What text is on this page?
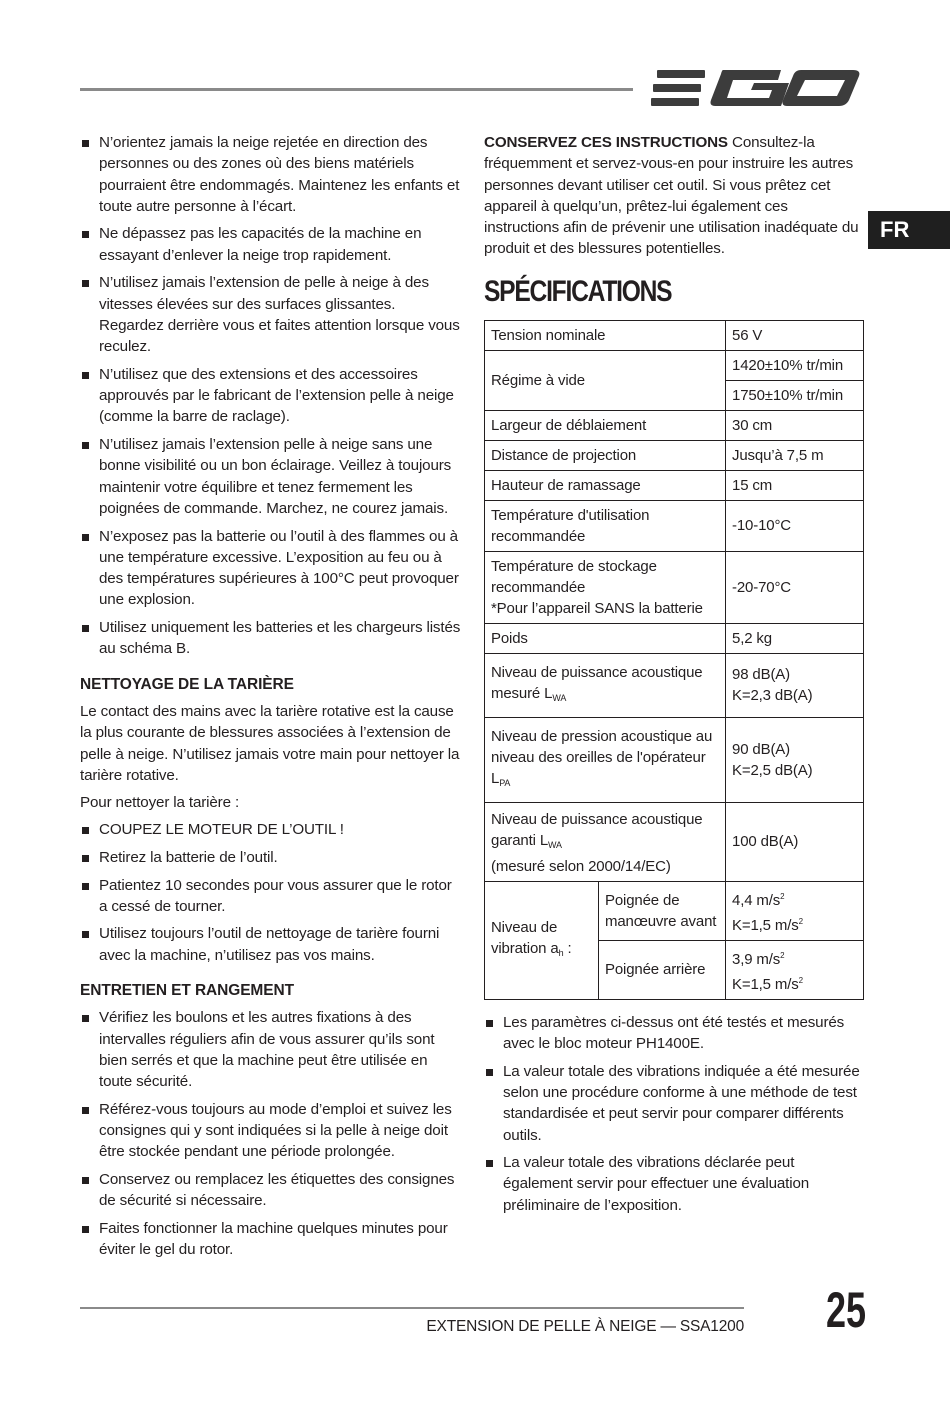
EGO
FR
N’orientez jamais la neige rejetée en direction des personnes ou des zones où des biens matériels pourraient être endommagés. Maintenez les enfants et toute autre personne à l’écart.
Ne dépassez pas les capacités de la machine en essayant d’enlever la neige trop rapidement.
N’utilisez jamais l’extension de pelle à neige à des vitesses élevées sur des surfaces glissantes. Regardez derrière vous et faites attention lorsque vous reculez.
N’utilisez que des extensions et des accessoires approuvés par le fabricant de l’extension pelle à neige (comme la barre de raclage).
N’utilisez jamais l’extension pelle à neige sans une bonne visibilité ou un bon éclairage. Veillez à toujours maintenir votre équilibre et tenez fermement les poignées de commande. Marchez, ne courez jamais.
N’exposez pas la batterie ou l’outil à des flammes ou à une température excessive. L’exposition au feu ou à des températures supérieures à 100°C peut provoquer une explosion.
Utilisez uniquement les batteries et les chargeurs listés au schéma B.
NETTOYAGE DE LA TARIÈRE

Le contact des mains avec la tarière rotative est la cause la plus courante de blessures associées à l’extension de pelle à neige. N’utilisez jamais votre main pour nettoyer la tarière rotative.

Pour nettoyer la tarière :

COUPEZ LE MOTEUR DE L’OUTIL !
Retirez la batterie de l’outil.
Patientez 10 secondes pour vous assurer que le rotor a cessé de tourner.
Utilisez toujours l’outil de nettoyage de tarière fourni avec la machine, n’utilisez pas vos mains.
ENTRETIEN ET RANGEMENT
Vérifiez les boulons et les autres fixations à des intervalles réguliers afin de vous assurer qu’ils sont bien serrés et que la machine peut être utilisée en toute sécurité.
Référez-vous toujours au mode d’emploi et suivez les consignes qui y sont indiquées si la pelle à neige doit être stockée pendant une période prolongée.
Conservez ou remplacez les étiquettes des consignes de sécurité si nécessaire.
Faites fonctionner la machine quelques minutes pour éviter le gel du rotor.

CONSERVEZ CES INSTRUCTIONS Consultez-la fréquemment et servez-vous-en pour instruire les autres personnes devant utiliser cet outil. Si vous prêtez cet appareil à quelqu’un, prêtez-lui également ces instructions afin de prévenir une utilisation inadéquate du produit et des blessures potentielles.

SPÉCIFICATIONS
Tension nominale		56 V
Régime à vide		1420±10% tr/min
1750±10% tr/min

Largeur de déblaiement		30 cm
Distance de projection		Jusqu’à 7,5 m
Hauteur de ramassage		15 cm
Température d'utilisation recommandée		-10-10°C

Température de stockage recommandée
*Pour l’appareil SANS la batterie		-20-70°C
Poids		5,2 kg
Niveau de puissance acoustique mesuré $L_{WA}$		98 dB(A)
K=2,3 dB(A)

Niveau de pression acoustique au niveau des oreilles de l'opérateur $L_{PA}$		90 dB(A)
K=2,5 dB(A)

Niveau de puissance acoustique garanti $L_{WA}$
(mesuré selon 2000/14/EC)		100 dB(A)
Niveau de vibration $a_h$ :	Poignée de manœuvre avant	4,4 $m/s^2$
K=1,5 $m/s^2$

	Poignée arrière	3,9 $m/s^2$
K=1,5 $m/s^2$
Les paramètres ci-dessus ont été testés et mesurés avec le bloc moteur PH1400E.
La valeur totale des vibrations indiquée a été mesurée selon une procédure conforme à une méthode de test standardisée et peut servir pour comparer différents outils.
La valeur totale des vibrations déclarée peut également servir pour effectuer une évaluation préliminaire de l’exposition.
EXTENSION DE PELLE À NEIGE — SSA1200 25
